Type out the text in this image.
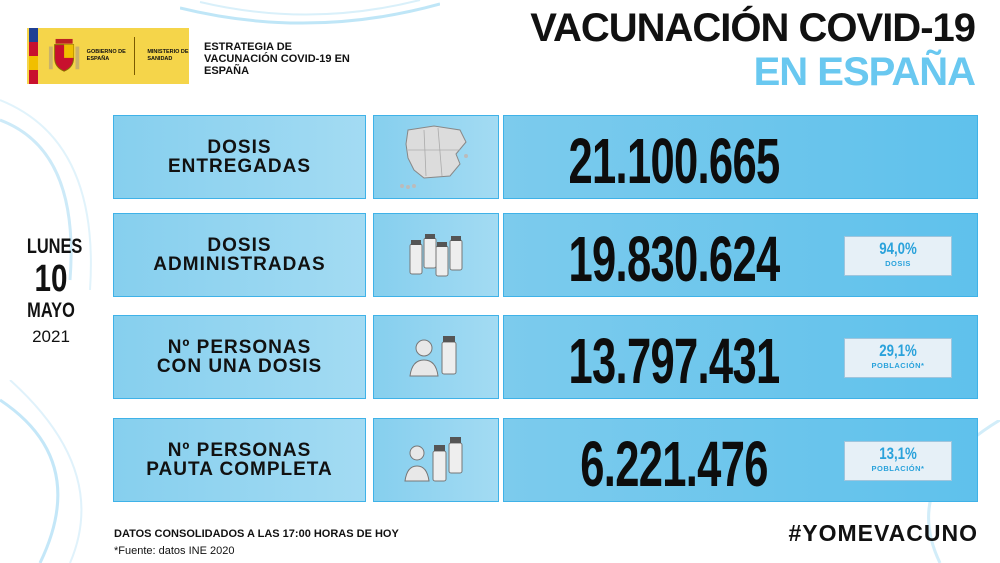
GOBIERNO DE ESPAÑA
MINISTERIO DE SANIDAD
ESTRATEGIA DE VACUNACIÓN COVID-19 EN ESPAÑA
VACUNACIÓN COVID-19
EN ESPAÑA
LUNES
10
MAYO
2021
DOSIS
ENTREGADAS	21.100.665
DOSIS
ADMINISTRADAS	19.830.624	94,0%
DOSIS
Nº PERSONAS
CON UNA DOSIS	13.797.431	29,1%
POBLACIÓN*
Nº PERSONAS
PAUTA COMPLETA	6.221.476	13,1%
POBLACIÓN*
DATOS CONSOLIDADOS A LAS 17:00 HORAS DE HOY
*Fuente: datos INE 2020
#YOMEVACUNO
